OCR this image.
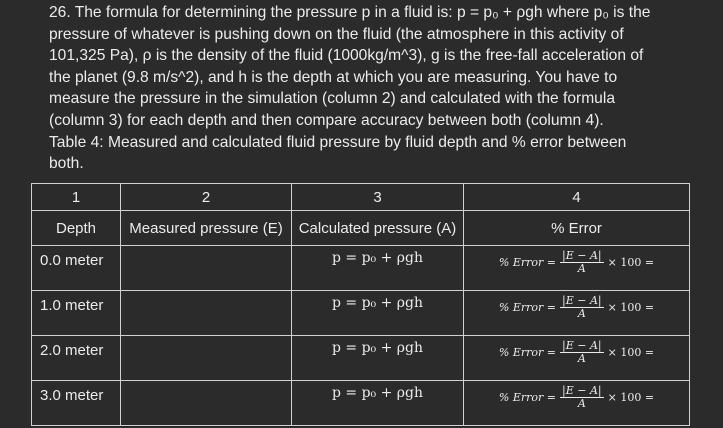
26. The formula for determining the pressure p in a fluid is: p = p₀ + ρgh where p₀ is the
pressure of whatever is pushing down on the fluid (the atmosphere in this activity of
101,325 Pa), ρ is the density of the fluid (1000kg/m^3), g is the free-fall acceleration of
the planet (9.8 m/s^2), and h is the depth at which you are measuring. You have to
measure the pressure in the simulation (column 2) and calculated with the formula
(column 3) for each depth and then compare accuracy between both (column 4).
Table 4: Measured and calculated fluid pressure by fluid depth and % error between
both.
1	2	3	4
Depth	Measured pressure (E)	Calculated pressure (A)	% Error
0.0 meter		p = p₀ + ρgh	% Error = $\frac{|E - A|}{A} \times 100$ =

1.0 meter		p = p₀ + ρgh	% Error = $\frac{|E - A|}{A} \times 100$ =

2.0 meter		p = p₀ + ρgh	% Error = $\frac{|E - A|}{A} \times 100$ =

3.0 meter		p = p₀ + ρgh	% Error = $\frac{|E - A|}{A} \times 100$ =
